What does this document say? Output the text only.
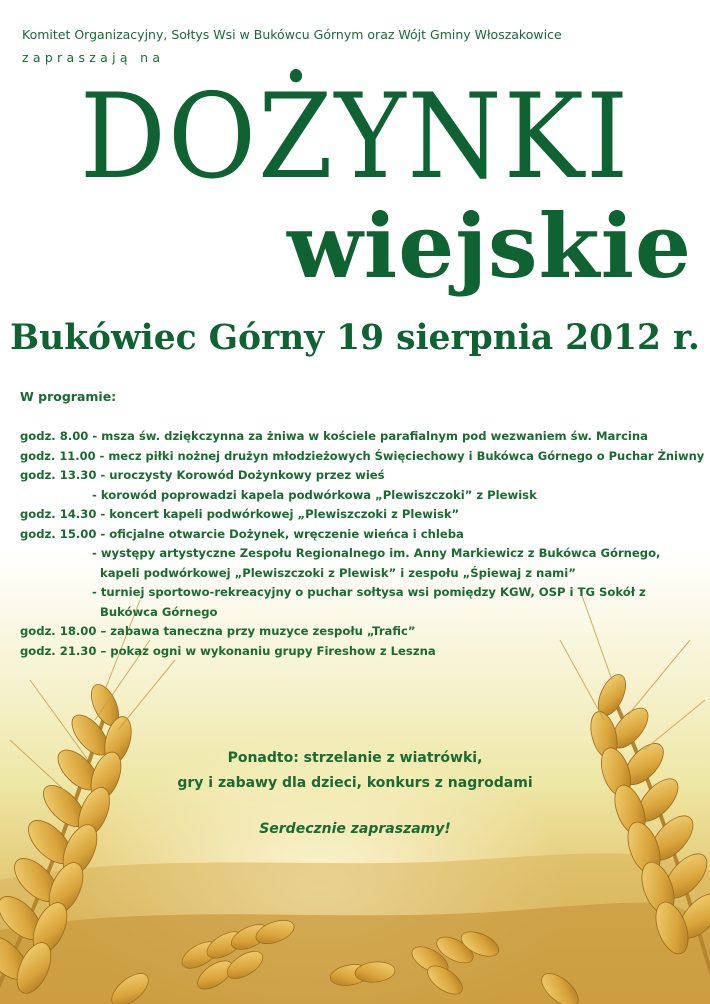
Komitet Organizacyjny, Sołtys Wsi w Bukówcu Górnym oraz Wójt Gminy Włoszakowice
zapraszają na
DOŻYNKI
wiejskie
Bukówiec Górny 19 sierpnia 2012 r.
W programie:
godz. 8.00 - msza św. dziękczynna za żniwa w kościele parafialnym pod wezwaniem św. Marcina
godz. 11.00 - mecz piłki nożnej drużyn młodzieżowych Święciechowy i Bukówca Górnego o Puchar Żniwny
godz. 13.30 - uroczysty Korowód Dożynkowy przez wieś
- korowód poprowadzi kapela podwórkowa „Plewiszczoki” z Plewisk
godz. 14.30 - koncert kapeli podwórkowej „Plewiszczoki z Plewisk”
godz. 15.00 - oficjalne otwarcie Dożynek, wręczenie wieńca i chleba
- występy artystyczne Zespołu Regionalnego im. Anny Markiewicz z Bukówca Górnego,
kapeli podwórkowej „Plewiszczoki z Plewisk” i zespołu „Śpiewaj z nami”
- turniej sportowo-rekreacyjny o puchar sołtysa wsi pomiędzy KGW, OSP i TG Sokół z
Bukówca Górnego
godz. 18.00 – zabawa taneczna przy muzyce zespołu „Trafic”
godz. 21.30 – pokaz ogni w wykonaniu grupy Fireshow z Leszna
Ponadto: strzelanie z wiatrówki,
gry i zabawy dla dzieci, konkurs z nagrodami
Serdecznie zapraszamy!
